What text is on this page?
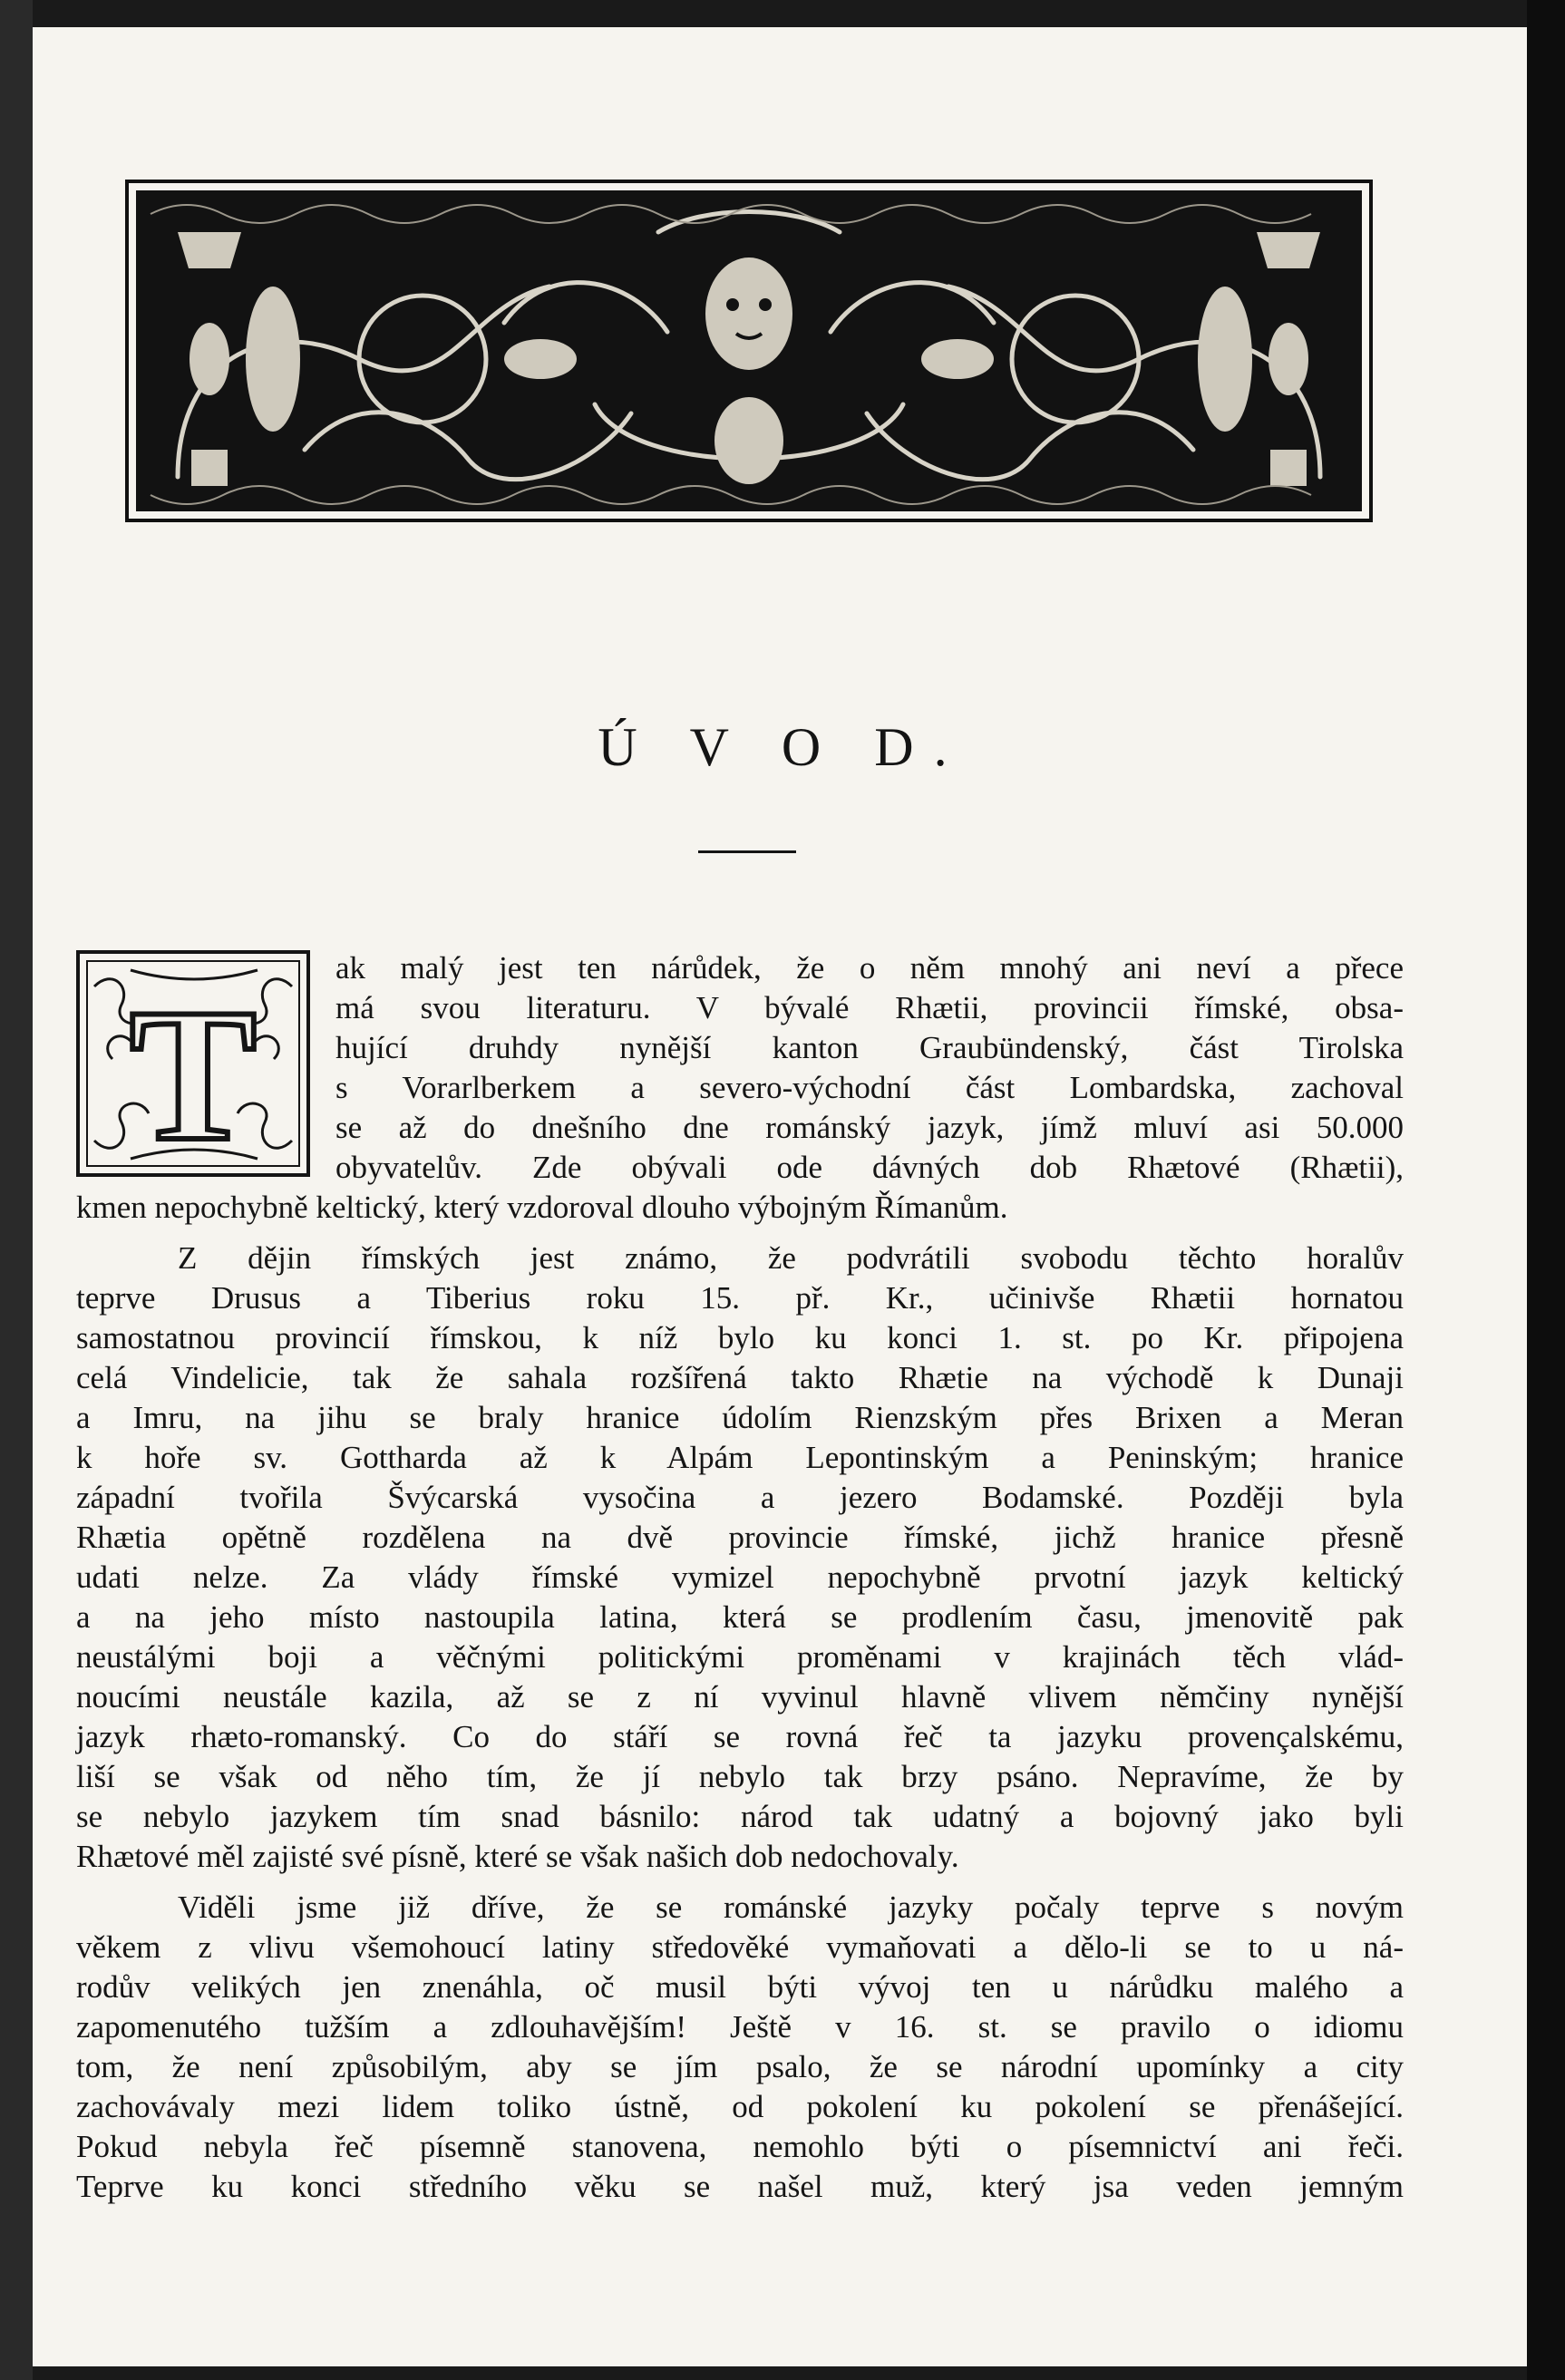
Ú V O D.
T

ak malý jest ten nárůdek, že o něm mnohý ani neví a přece

má svou literaturu. V bývalé Rhætii, provincii římské, obsa-

hující druhdy nynější kanton Graubündenský, část Tirolska

s Vorarlberkem a severo-východní část Lombardska, zachoval

se až do dnešního dne románský jazyk, jímž mluví asi 50.000

obyvatelův. Zde obývali ode dávných dob Rhætové (Rhætii),

kmen nepochybně keltický, který vzdoroval dlouho výbojným Římanům.

Z dějin římských jest známo, že podvrátili svobodu těchto horalův

teprve Drusus a Tiberius roku 15. př. Kr., učinivše Rhætii hornatou

samostatnou provincií římskou, k níž bylo ku konci 1. st. po Kr. připojena

celá Vindelicie, tak že sahala rozšířená takto Rhætie na východě k Dunaji

a Imru, na jihu se braly hranice údolím Rienzským přes Brixen a Meran

k hoře sv. Gotthardа až k Alpám Lepontinským a Peninským; hranice

západní tvořila Švýcarská vysočina a jezero Bodamské. Později byla

Rhætia opětně rozdělena na dvě provincie římské, jichž hranice přesně

udati nelze. Za vlády římské vymizel nepochybně prvotní jazyk keltický

a na jeho místo nastoupila latina, která se prodlením času, jmenovitě pak

neustálými boji a věčnými politickými proměnami v krajinách těch vlád-

noucími neustále kazila, až se z ní vyvinul hlavně vlivem němčiny nynější

jazyk rhæto-romanský. Co do stáří se rovná řeč ta jazyku provençalskému,

liší se však od něho tím, že jí nebylo tak brzy psáno. Nepravíme, že by

se nebylo jazykem tím snad básnilo: národ tak udatný a bojovný jako byli

Rhætové měl zajisté své písně, které se však našich dob nedochovaly.

Viděli jsme již dříve, že se románské jazyky počaly teprve s novým

věkem z vlivu všemohoucí latiny středověké vymaňovati a dělo-li se to u ná-

rodův velikých jen znenáhla, oč musil býti vývoj ten u nárůdku malého a

zapomenutého tužším a zdlouhavějším! Ještě v 16. st. se pravilo o idiomu

tom, že není způsobilým, aby se jím psalo, že se národní upomínky a city

zachovávaly mezi lidem toliko ústně, od pokolení ku pokolení se přenášející.

Pokud nebyla řeč písemně stanovena, nemohlo býti o písemnictví ani řeči.

Teprve ku konci středního věku se našel muž, který jsa veden jemným
